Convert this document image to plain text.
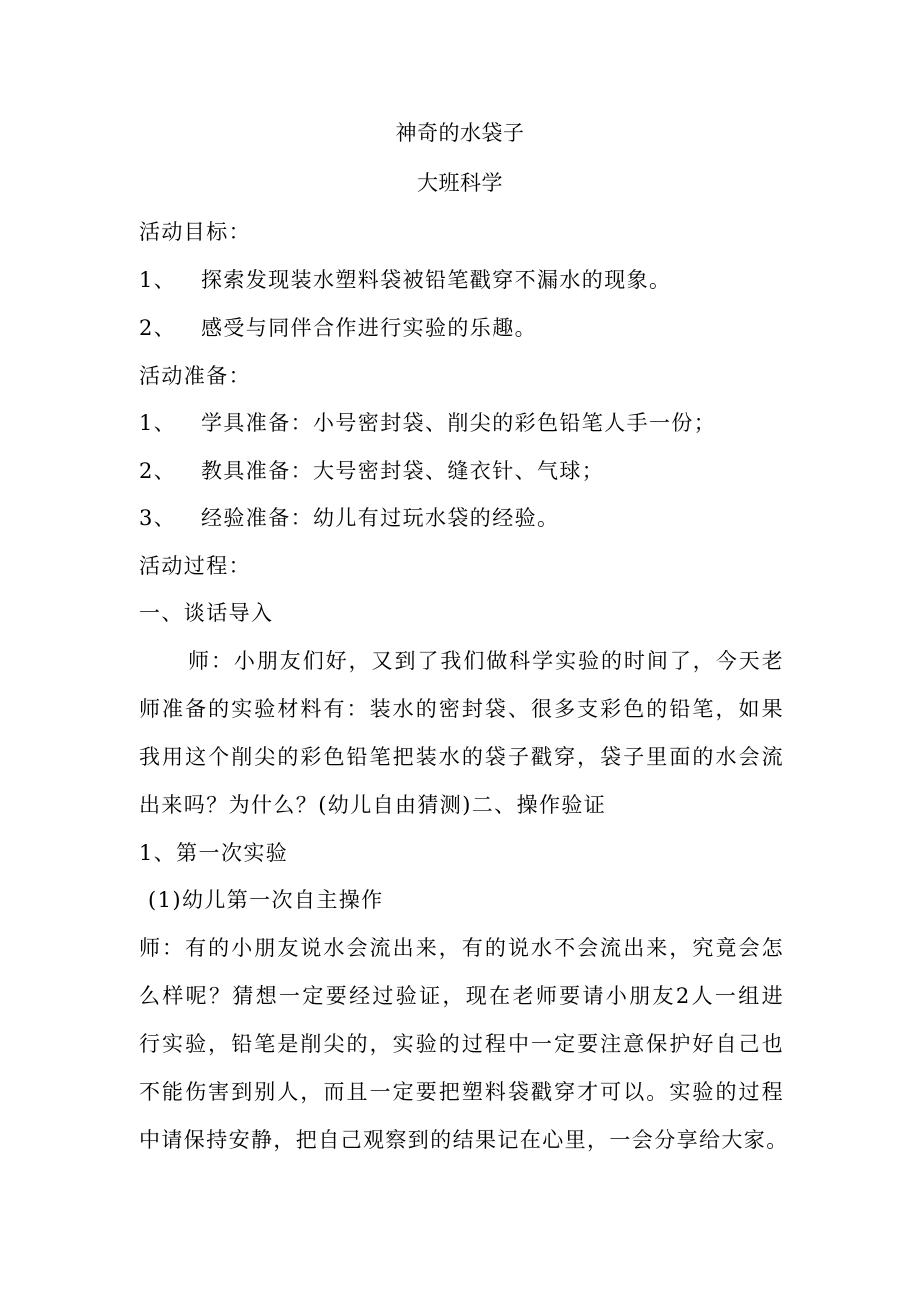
神奇的水袋子
大班科学
活动目标：
1、 探索发现装水塑料袋被铅笔戳穿不漏水的现象。
2、 感受与同伴合作进行实验的乐趣。
活动准备：
1、 学具准备：小号密封袋、削尖的彩色铅笔人手一份；
2、 教具准备：大号密封袋、缝衣针、气球；
3、 经验准备：幼儿有过玩水袋的经验。
活动过程：
一、谈话导入
师：小朋友们好，又到了我们做科学实验的时间了，今天老
师准备的实验材料有：装水的密封袋、很多支彩色的铅笔，如果
我用这个削尖的彩色铅笔把装水的袋子戳穿，袋子里面的水会流
出来吗？为什么？(幼儿自由猜测)二、操作验证
1、第一次实验
(1)幼儿第一次自主操作
师：有的小朋友说水会流出来，有的说水不会流出来，究竟会怎
么样呢？猜想一定要经过验证，现在老师要请小朋友2人一组进
行实验，铅笔是削尖的，实验的过程中一定要注意保护好自己也
不能伤害到别人，而且一定要把塑料袋戳穿才可以。实验的过程
中请保持安静，把自己观察到的结果记在心里，一会分享给大家。
